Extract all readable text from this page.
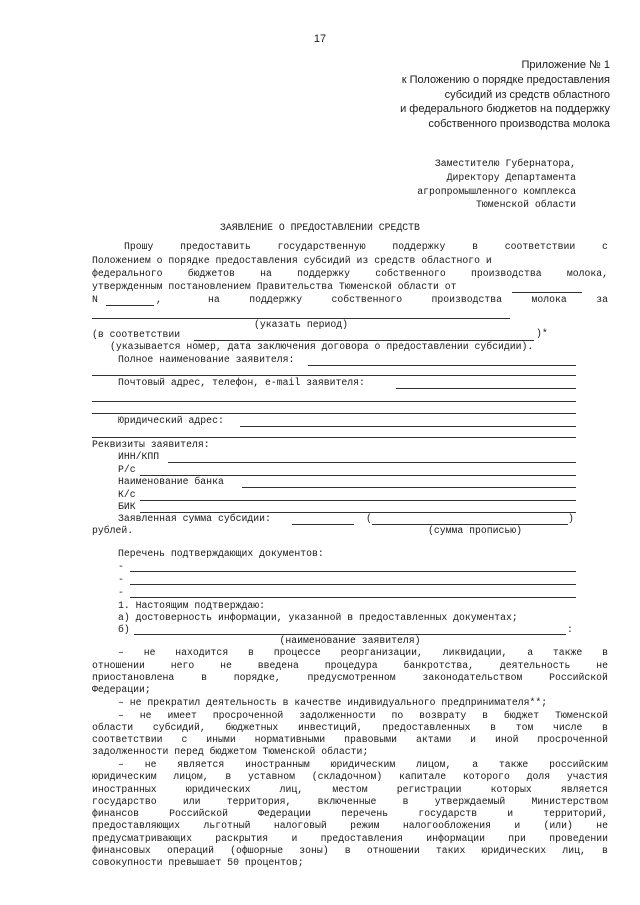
17
Приложение № 1
к Положению о порядке предоставления
субсидий из средств областного
и федерального бюджетов на поддержку
собственного производства молока
Заместителю Губернатора,
Директору Департамента
агропромышленного комплекса
Тюменской области
ЗАЯВЛЕНИЕ О ПРЕДОСТАВЛЕНИИ СРЕДСТВ
Прошу	предоставить	государственную	поддержку	в	соответствии	с
Положением о порядке предоставления субсидий из средств областного и
федерального	бюджетов	на	поддержку	собственного	производства	молока,
утвержденным постановлением Правительства Тюменской области от
N	,	на	поддержку	собственного	производства	молока	за
(указать период)
(в соответствии	)*
(указывается номер, дата заключения договора о предоставлении субсидии).
Полное наименование заявителя:
Почтовый адрес, телефон, e-mail заявителя:
Юридический адрес:
Реквизиты заявителя:
ИНН/КПП
Р/с
Наименование банка
К/с
БИК
Заявленная сумма субсидии:	(	)
рублей.	(сумма прописью)
Перечень подтверждающих документов:
-
-
-
1. Настоящим подтверждаю:
а) достоверность информации, указанной в предоставленных документах;
б)	:
(наименование заявителя)
– не находится в процессе реорганизации, ликвидации, а также в
отношении	него	не	введена	процедура	банкротства,	деятельность	не
приостановлена	в	порядке,	предусмотренном	законодательством	Российской
Федерации;
– не прекратил деятельность в качестве индивидуального предпринимателя**;
– не имеет просроченной задолженности по возврату в бюджет Тюменской
области субсидий, бюджетных инвестиций, предоставленных в том числе в
соответствии с иными нормативными правовыми актами и иной просроченной
задолженности перед бюджетом Тюменской области;
– не является иностранным юридическим лицом, а также российским
юридическим лицом, в уставном (складочном) капитале которого доля участия
иностранных	юридических	лиц,	местом	регистрации	которых	является
государство	или	территория,	включенные	в	утверждаемый	Министерством
финансов	Российской	Федерации	перечень	государств	и	территорий,
предоставляющих льготный налоговый режим налогообложения и (или) не
предусматривающих раскрытия и предоставления информации при проведении
финансовых операций (офшорные зоны) в отношении таких юридических лиц, в
совокупности превышает 50 процентов;
